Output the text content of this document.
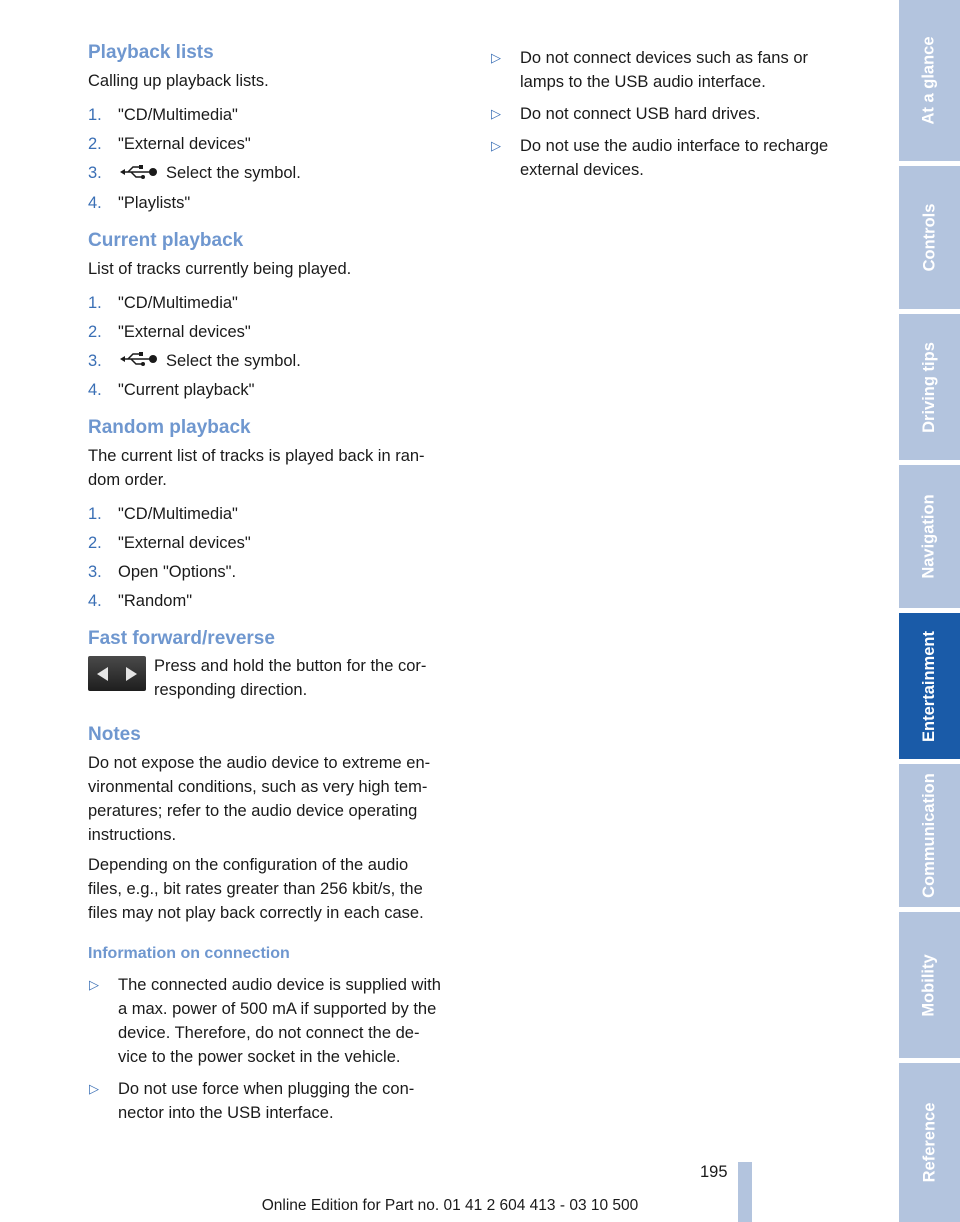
Playback lists

Calling up playback lists.

1. "CD/Multimedia"
2. "External devices"
3.	Select the symbol.
4. "Playlists"
Current playback

List of tracks currently being played.

1. "CD/Multimedia"
2. "External devices"
3.	Select the symbol.
4. "Current playback"
Random playback

The current list of tracks is played back in ran-
dom order.

1. "CD/Multimedia"
2. "External devices"
3. Open "Options".
4. "Random"
Fast forward/reverse

Press and hold the button for the cor-
responding direction.

Notes

Do not expose the audio device to extreme en-
vironmental conditions, such as very high tem-
peratures; refer to the audio device operating
instructions.

Depending on the configuration of the audio
files, e.g., bit rates greater than 256 kbit/s, the
files may not play back correctly in each case.

Information on connection
▷ The connected audio device is supplied with
a max. power of 500 mA if supported by the
device. Therefore, do not connect the de-
vice to the power socket in the vehicle.
▷ Do not use force when plugging the con-
nector into the USB interface.
▷ Do not connect devices such as fans or
lamps to the USB audio interface.
▷ Do not connect USB hard drives.
▷ Do not use the audio interface to recharge
external devices.
At a glance
Controls
Driving tips
Navigation
Entertainment
Communication
Mobility
Reference
195
Online Edition for Part no. 01 41 2 604 413 - 03 10 500
